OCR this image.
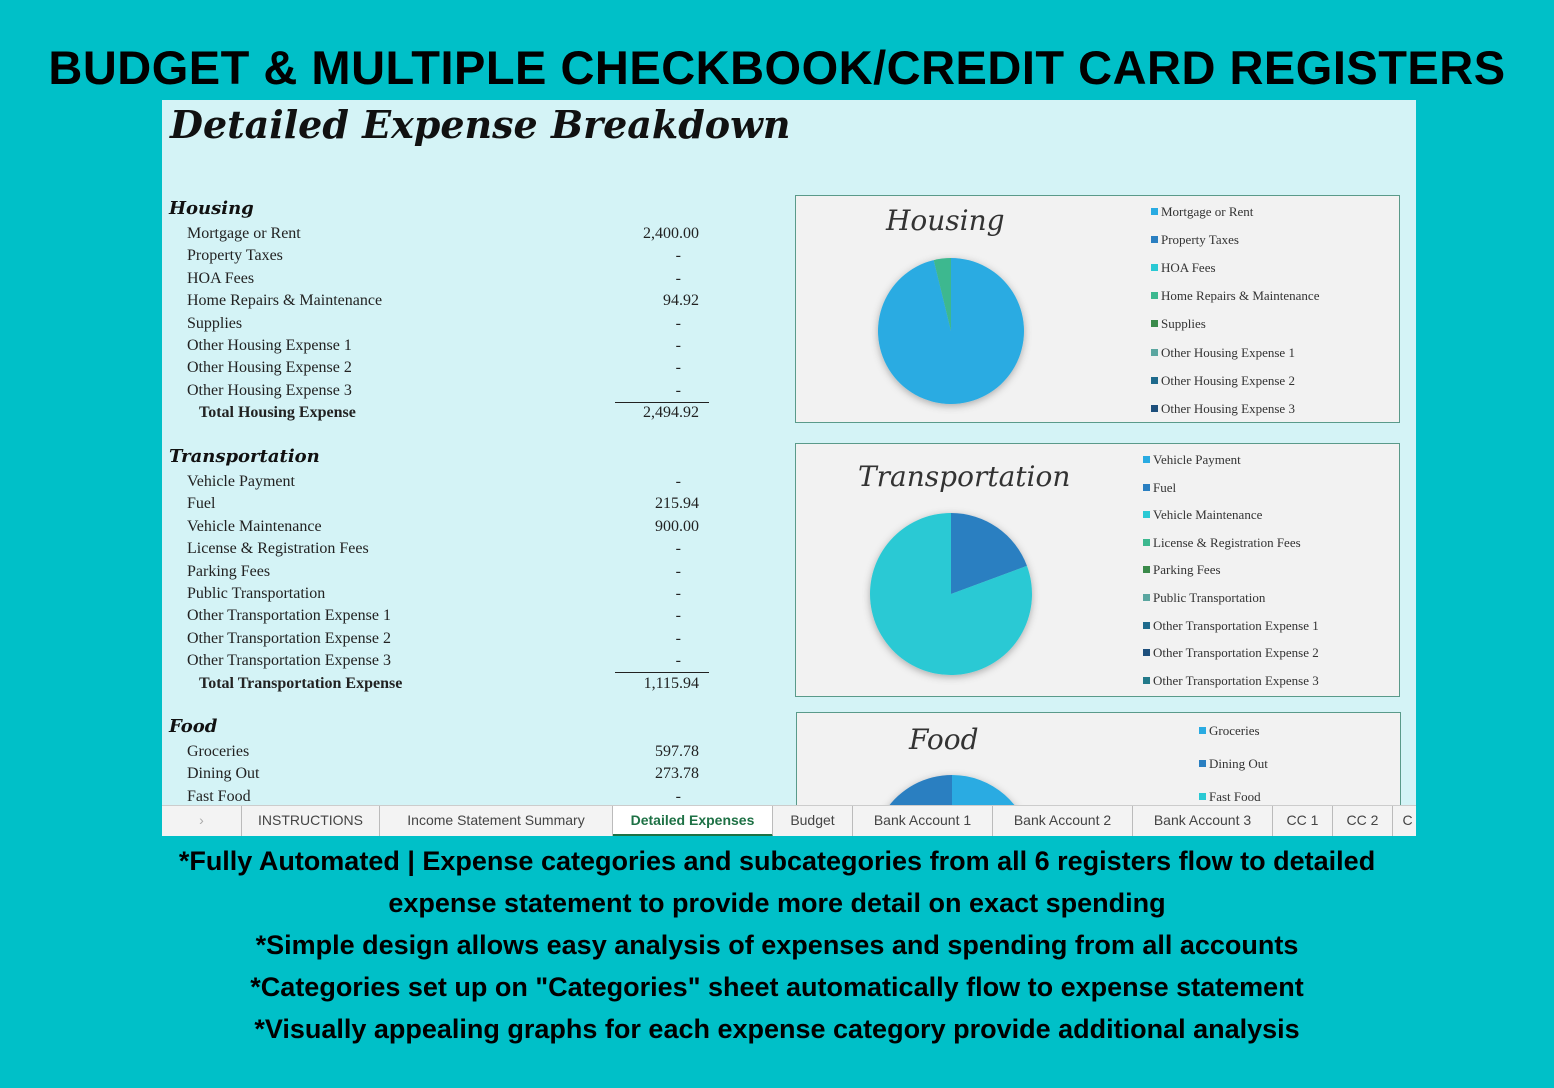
BUDGET & MULTIPLE CHECKBOOK/CREDIT CARD REGISTERS
Detailed Expense Breakdown
Housing
Mortgage or Rent	2,400.00
Property Taxes	-
HOA Fees	-
Home Repairs & Maintenance	94.92
Supplies	-
Other Housing Expense 1	-
Other Housing Expense 2	-
Other Housing Expense 3	-
Total Housing Expense	2,494.92
Transportation
Vehicle Payment	-
Fuel	215.94
Vehicle Maintenance	900.00
License & Registration Fees	-
Parking Fees	-
Public Transportation	-
Other Transportation Expense 1	-
Other Transportation Expense 2	-
Other Transportation Expense 3	-
Total Transportation Expense	1,115.94
Food
Groceries	597.78
Dining Out	273.78
Fast Food	-
Housing	Mortgage or Rent
Property Taxes
HOA Fees
Home Repairs & Maintenance
Supplies
Other Housing Expense 1
Other Housing Expense 2
Other Housing Expense 3
Transportation
Vehicle Payment
Fuel
Vehicle Maintenance
License & Registration Fees
Parking Fees
Public Transportation
Other Transportation Expense 1
Other Transportation Expense 2
Other Transportation Expense 3
Food	Groceries
Dining Out
Fast Food
›	INSTRUCTIONS	Income Statement Summary	Detailed Expenses	Budget	Bank Account 1	Bank Account 2	Bank Account 3	CC 1	CC 2	C
*Fully Automated | Expense categories and subcategories from all 6 registers flow to detailed
expense statement to provide more detail on exact spending
*Simple design allows easy analysis of expenses and spending from all accounts
*Categories set up on "Categories" sheet automatically flow to expense statement
*Visually appealing graphs for each expense category provide additional analysis
